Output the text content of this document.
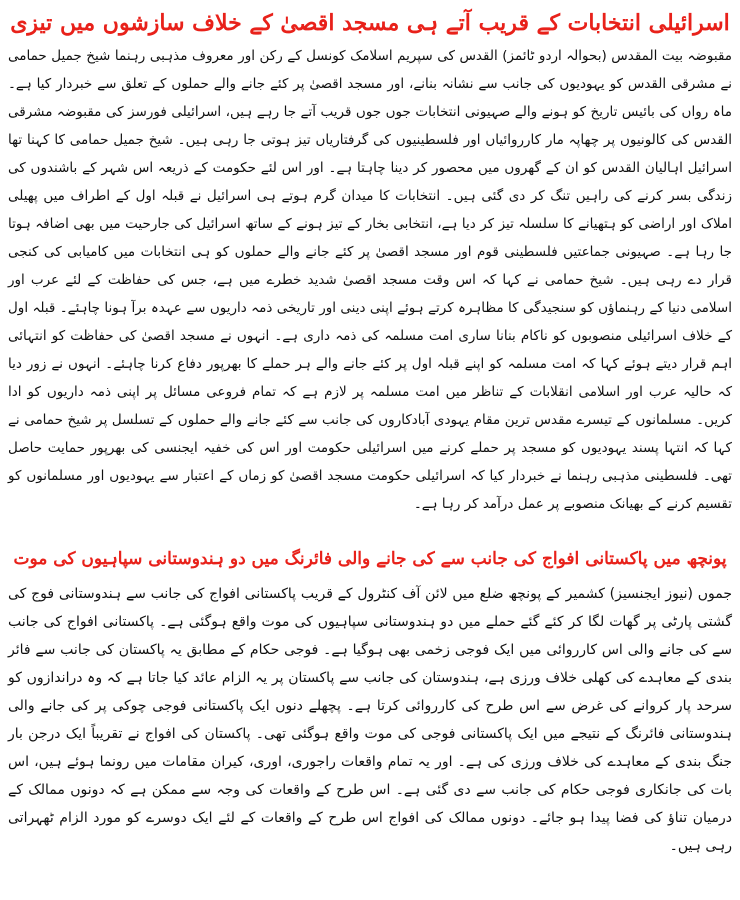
اسرائیلی انتخابات کے قریب آتے ہی مسجد اقصیٰ کے خلاف سازشوں میں تیزی

مقبوضہ بیت المقدس (بحوالہ اردو ٹائمز) القدس کی سپریم اسلامک کونسل کے رکن اور معروف مذہبی رہنما شیخ جمیل حمامی نے مشرقی القدس کو یہودیوں کی جانب سے نشانہ بنانے، اور مسجد اقصیٰ پر کئے جانے والے حملوں کے تعلق سے خبردار کیا ہے۔ ماہ رواں کی بائیس تاریخ کو ہونے والے صہیونی انتخابات جوں جوں قریب آتے جا رہے ہیں، اسرائیلی فورسز کی مقبوضہ مشرقی القدس کی کالونیوں پر چھاپہ مار کارروائیاں اور فلسطینیوں کی گرفتاریاں تیز ہوتی جا رہی ہیں۔ شیخ جمیل حمامی کا کہنا تھا اسرائیل اہالیان القدس کو ان کے گھروں میں محصور کر دینا چاہتا ہے۔ اور اس لئے حکومت کے ذریعہ اس شہر کے باشندوں کی زندگی بسر کرنے کی راہیں تنگ کر دی گئی ہیں۔ انتخابات کا میدان گرم ہوتے ہی اسرائیل نے قبلہ اول کے اطراف میں پھیلی املاک اور اراضی کو ہتھیانے کا سلسلہ تیز کر دیا ہے، انتخابی بخار کے تیز ہونے کے ساتھ اسرائیل کی جارحیت میں بھی اضافہ ہوتا جا رہا ہے۔ صہیونی جماعتیں فلسطینی قوم اور مسجد اقصیٰ پر کئے جانے والے حملوں کو ہی انتخابات میں کامیابی کی کنجی قرار دے رہی ہیں۔ شیخ حمامی نے کہا کہ اس وقت مسجد اقصیٰ شدید خطرے میں ہے، جس کی حفاظت کے لئے عرب اور اسلامی دنیا کے رہنماؤں کو سنجیدگی کا مظاہرہ کرتے ہوئے اپنی دینی اور تاریخی ذمہ داریوں سے عہدہ برآ ہونا چاہئے۔ قبلہ اول کے خلاف اسرائیلی منصوبوں کو ناکام بنانا ساری امت مسلمہ کی ذمہ داری ہے۔ انہوں نے مسجد اقصیٰ کی حفاظت کو انتہائی اہم قرار دیتے ہوئے کہا کہ امت مسلمہ کو اپنے قبلہ اول پر کئے جانے والے ہر حملے کا بھرپور دفاع کرنا چاہئے۔ انہوں نے زور دیا کہ حالیہ عرب اور اسلامی انقلابات کے تناظر میں امت مسلمہ پر لازم ہے کہ تمام فروعی مسائل پر اپنی ذمہ داریوں کو ادا کریں۔ مسلمانوں کے تیسرے مقدس ترین مقام یہودی آبادکاروں کی جانب سے کئے جانے والے حملوں کے تسلسل پر شیخ حمامی نے کہا کہ انتہا پسند یہودیوں کو مسجد پر حملے کرنے میں اسرائیلی حکومت اور اس کی خفیہ ایجنسی کی بھرپور حمایت حاصل تھی۔ فلسطینی مذہبی رہنما نے خبردار کیا کہ اسرائیلی حکومت مسجد اقصیٰ کو زماں کے اعتبار سے یہودیوں اور مسلمانوں کو تقسیم کرنے کے بھیانک منصوبے پر عمل درآمد کر رہا ہے۔

پونچھ میں پاکستانی افواج کی جانب سے کی جانے والی فائرنگ میں دو ہندوستانی سپاہیوں کی موت

جموں (نیوز ایجنسیز) کشمیر کے پونچھ ضلع میں لائن آف کنٹرول کے قریب پاکستانی افواج کی جانب سے ہندوستانی فوج کی گشتی پارٹی پر گھات لگا کر کئے گئے حملے میں دو ہندوستانی سپاہیوں کی موت واقع ہوگئی ہے۔ پاکستانی افواج کی جانب سے کی جانے والی اس کارروائی میں ایک فوجی زخمی بھی ہوگیا ہے۔ فوجی حکام کے مطابق یہ پاکستان کی جانب سے فائر بندی کے معاہدے کی کھلی خلاف ورزی ہے، ہندوستان کی جانب سے پاکستان پر یہ الزام عائد کیا جاتا ہے کہ وہ دراندازوں کو سرحد پار کروانے کی غرض سے اس طرح کی کارروائی کرتا ہے۔ پچھلے دنوں ایک پاکستانی فوجی چوکی پر کی جانے والی ہندوستانی فائرنگ کے نتیجے میں ایک پاکستانی فوجی کی موت واقع ہوگئی تھی۔ پاکستان کی افواج نے تقریباً ایک درجن بار جنگ بندی کے معاہدے کی خلاف ورزی کی ہے۔ اور یہ تمام واقعات راجوری، اوری، کیران مقامات میں رونما ہوئے ہیں، اس بات کی جانکاری فوجی حکام کی جانب سے دی گئی ہے۔ اس طرح کے واقعات کی وجہ سے ممکن ہے کہ دونوں ممالک کے درمیان تناؤ کی فضا پیدا ہو جائے۔ دونوں ممالک کی افواج اس طرح کے واقعات کے لئے ایک دوسرے کو مورد الزام ٹھہراتی رہی ہیں۔
